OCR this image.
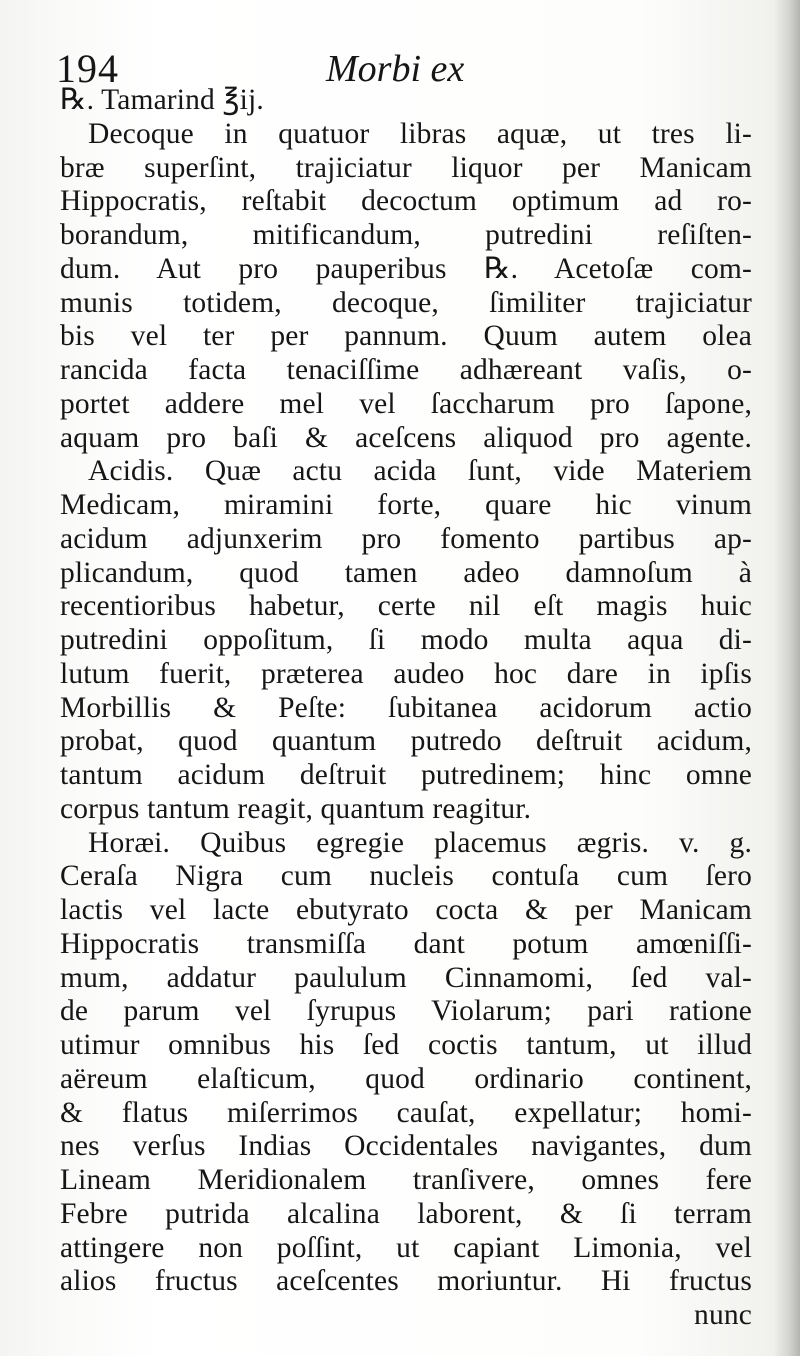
194	Morbi ex
℞. Tamarind ℥ij.
Decoque in quatuor libras aquæ, ut tres li-
bræ superſint, trajiciatur liquor per Manicam
Hippocratis, reſtabit decoctum optimum ad ro-
borandum, mitificandum, putredini reſiſten-
dum. Aut pro pauperibus ℞. Acetoſæ com-
munis totidem, decoque, ſimiliter trajiciatur
bis vel ter per pannum. Quum autem olea
rancida facta tenaciſſime adhæreant vaſis, o-
portet addere mel vel ſaccharum pro ſapone,
aquam pro baſi & aceſcens aliquod pro agente.
Acidis. Quæ actu acida ſunt, vide Materiem
Medicam, miramini forte, quare hic vinum
acidum adjunxerim pro fomento partibus ap-
plicandum, quod tamen adeo damnoſum à
recentioribus habetur, certe nil eſt magis huic
putredini oppoſitum, ſi modo multa aqua di-
lutum fuerit, præterea audeo hoc dare in ipſis
Morbillis & Peſte: ſubitanea acidorum actio
probat, quod quantum putredo deſtruit acidum,
tantum acidum deſtruit putredinem; hinc omne
corpus tantum reagit, quantum reagitur.
Horæi. Quibus egregie placemus ægris. v. g.
Ceraſa Nigra cum nucleis contuſa cum ſero
lactis vel lacte ebutyrato cocta & per Manicam
Hippocratis transmiſſa dant potum amœniſſi-
mum, addatur paululum Cinnamomi, ſed val-
de parum vel ſyrupus Violarum; pari ratione
utimur omnibus his ſed coctis tantum, ut illud
aëreum elaſticum, quod ordinario continent,
& flatus miſerrimos cauſat, expellatur; homi-
nes verſus Indias Occidentales navigantes, dum
Lineam Meridionalem tranſivere, omnes fere
Febre putrida alcalina laborent, & ſi terram
attingere non poſſint, ut capiant Limonia, vel
alios fructus aceſcentes moriuntur. Hi fructus
nunc
